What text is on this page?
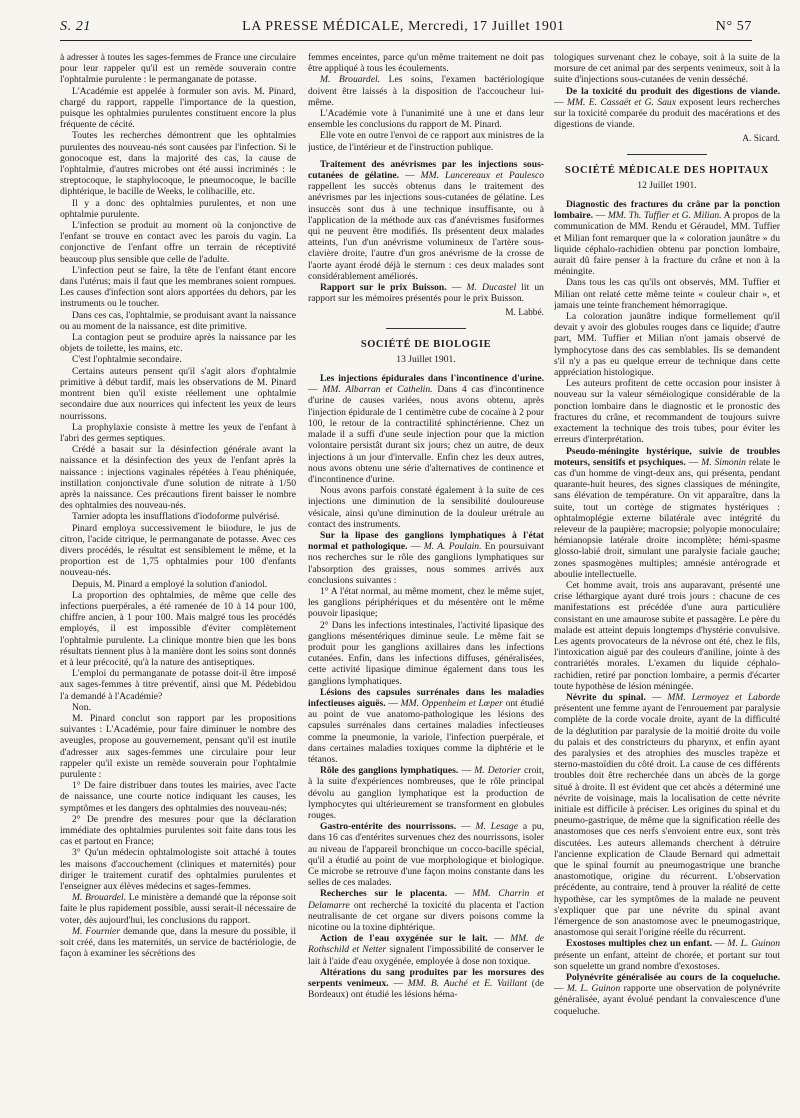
S. 21	LA PRESSE MÉDICALE, Mercredi, 17 Juillet 1901	N° 57

à adresser à toutes les sages-femmes de France une circulaire pour leur rappeler qu'il est un remède souverain contre l'ophtalmie purulente : le permanganate de potasse.

L'Académie est appelée à formuler son avis. M. Pinard, chargé du rapport, rappelle l'importance de la question, puisque les ophtalmies purulentes constituent encore la plus fréquente de cécité.

Toutes les recherches démontrent que les ophtalmies purulentes des nouveau-nés sont causées par l'infection. Si le gonocoque est, dans la majorité des cas, la cause de l'ophtalmie, d'autres microbes ont été aussi incriminés : le streptocoque, le staphylocoque, le pneumocoque, le bacille diphtérique, le bacille de Weeks, le colibacille, etc.

Il y a donc des ophtalmies purulentes, et non une ophtalmie purulente.

L'infection se produit au moment où la conjonctive de l'enfant se trouve en contact avec les parois du vagin. La conjonctive de l'enfant offre un terrain de réceptivité beaucoup plus sensible que celle de l'adulte.

L'infection peut se faire, la tête de l'enfant étant encore dans l'utérus; mais il faut que les membranes soient rompues. Les causes d'infection sont alors apportées du dehors, par les instruments ou le toucher.

Dans ces cas, l'ophtalmie, se produisant avant la naissance ou au moment de la naissance, est dite primitive.

La contagion peut se produire après la naissance par les objets de toilette, les mains, etc.

C'est l'ophtalmie secondaire.

Certains auteurs pensent qu'il s'agit alors d'ophtalmie primitive à début tardif, mais les observations de M. Pinard montrent bien qu'il existe réellement une ophtalmie secondaire due aux nourrices qui infectent les yeux de leurs nourrissons.

La prophylaxie consiste à mettre les yeux de l'enfant à l'abri des germes septiques.

Crédé a basait sur la désinfection générale avant la naissance et la désinfection des yeux de l'enfant après la naissance : injections vaginales répétées à l'eau phéniquée, instillation conjonctivale d'une solution de nitrate à 1/50 après la naissance. Ces précautions firent baisser le nombre des ophtalmies des nouveau-nés.

Tarnier adopta les insufflations d'iodoforme pulvérisé.

Pinard employa successivement le biiodure, le jus de citron, l'acide citrique, le permanganate de potasse. Avec ces divers procédés, le résultat est sensiblement le même, et la proportion est de 1,75 ophtalmies pour 100 d'enfants nouveau-nés.

Depuis, M. Pinard a employé la solution d'aniodol.

La proportion des ophtalmies, de même que celle des infections puerpérales, a été ramenée de 10 à 14 pour 100, chiffre ancien, à 1 pour 100. Mais malgré tous les procédés employés, il est impossible d'éviter complètement l'ophtalmie purulente. La clinique montre bien que les bons résultats tiennent plus à la manière dont les soins sont donnés et à leur précocité, qu'à la nature des antiseptiques.

L'emploi du permanganate de potasse doit-il être imposé aux sages-femmes à titre préventif, ainsi que M. Pédebidou l'a demandé à l'Académie?

Non.

M. Pinard conclut son rapport par les propositions suivantes : L'Académie, pour faire diminuer le nombre des aveugles, propose au gouvernement, pensant qu'il est inutile d'adresser aux sages-femmes une circulaire pour leur rappeler qu'il existe un remède souverain pour l'ophtalmie purulente :

1° De faire distribuer dans toutes les mairies, avec l'acte de naissance, une courte notice indiquant les causes, les symptômes et les dangers des ophtalmies des nouveau-nés;

2° De prendre des mesures pour que la déclaration immédiate des ophtalmies purulentes soit faite dans tous les cas et partout en France;

3° Qu'un médecin ophtalmologiste soit attaché à toutes les maisons d'accouchement (cliniques et maternités) pour diriger le traitement curatif des ophtalmies purulentes et l'enseigner aux élèves médecins et sages-femmes.

M. Brouardel. Le ministère a demandé que la réponse soit faite le plus rapidement possible, aussi serait-il nécessaire de voter, dès aujourd'hui, les conclusions du rapport.

M. Fournier demande que, dans la mesure du possible, il soit créé, dans les maternités, un service de bactériologie, de façon à examiner les sécrétions des

femmes enceintes, parce qu'un même traitement ne doit pas être appliqué à tous les écoulements.

M. Brouardel. Les soins, l'examen bactériologique doivent être laissés à la disposition de l'accoucheur lui-même.

L'Académie vote à l'unanimité une à une et dans leur ensemble les conclusions du rapport de M. Pinard.

Elle vote en outre l'envoi de ce rapport aux ministres de la justice, de l'intérieur et de l'instruction publique.

Traitement des anévrismes par les injections sous-cutanées de gélatine. — MM. Lancereaux et Paulesco rappellent les succès obtenus dans le traitement des anévrismes par les injections sous-cutanées de gélatine. Les insuccès sont dus à une technique insuffisante, ou à l'application de la méthode aux cas d'anévrismes fusiformes qui ne peuvent être modifiés. Ils présentent deux malades atteints, l'un d'un anévrisme volumineux de l'artère sous-clavière droite, l'autre d'un gros anévrisme de la crosse de l'aorte ayant érodé déjà le sternum : ces deux malades sont considérablement améliorés.

Rapport sur le prix Buisson. — M. Ducastel lit un rapport sur les mémoires présentés pour le prix Buisson.

M. Labbé.
SOCIÉTÉ DE BIOLOGIE
13 Juillet 1901.

Les injections épidurales dans l'incontinence d'urine. — MM. Albarran et Cathelin. Dans 4 cas d'incontinence d'urine de causes variées, nous avons obtenu, après l'injection épidurale de 1 centimètre cube de cocaïne à 2 pour 100, le retour de la contractilité sphinctérienne. Chez un malade il a suffi d'une seule injection pour que la miction volontaire persistât durant six jours; chez un autre, de deux injections à un jour d'intervalle. Enfin chez les deux autres, nous avons obtenu une série d'alternatives de continence et d'incontinence d'urine.

Nous avons parfois constaté également à la suite de ces injections une diminution de la sensibilité douloureuse vésicale, ainsi qu'une diminution de la douleur urétrale au contact des instruments.

Sur la lipase des ganglions lymphatiques à l'état normal et pathologique. — M. A. Poulain. En poursuivant nos recherches sur le rôle des ganglions lymphatiques sur l'absorption des graisses, nous sommes arrivés aux conclusions suivantes :

1° A l'état normal, au même moment, chez le même sujet, les ganglions périphériques et du mésentère ont le même pouvoir lipasique;

2° Dans les infections intestinales, l'activité lipasique des ganglions mésentériques diminue seule. Le même fait se produit pour les ganglions axillaires dans les infections cutanées. Enfin, dans les infections diffuses, généralisées, cette activité lipasique diminue également dans tous les ganglions lymphatiques.

Lésions des capsules surrénales dans les maladies infectieuses aiguës. — MM. Oppenheim et Lœper ont étudié au point de vue anatomo-pathologique les lésions des capsules surrénales dans certaines maladies infectieuses comme la pneumonie, la variole, l'infection puerpérale, et dans certaines maladies toxiques comme la diphtérie et le tétanos.

Rôle des ganglions lymphatiques. — M. Detorier croit, à la suite d'expériences nombreuses, que le rôle principal dévolu au ganglion lymphatique est la production de lymphocytes qui ultérieurement se transforment en globules rouges.

Gastro-entérite des nourrissons. — M. Lesage a pu, dans 16 cas d'entérites survenues chez des nourrissons, isoler au niveau de l'appareil bronchique un cocco-bacille spécial, qu'il a étudié au point de vue morphologique et biologique. Ce microbe se retrouve d'une façon moins constante dans les selles de ces malades.

Recherches sur le placenta. — MM. Charrin et Delamarre ont recherché la toxicité du placenta et l'action neutralisante de cet organe sur divers poisons comme la nicotine ou la toxine diphtérique.

Action de l'eau oxygénée sur le lait. — MM. de Rothschild et Netter signalent l'impossibilité de conserver le lait à l'aide d'eau oxygénée, employée à dose non toxique.

Altérations du sang produites par les morsures des serpents venimeux. — MM. B. Auché et E. Vaillant (de Bordeaux) ont étudié les lésions héma-

tologiques survenant chez le cobaye, soit à la suite de la morsure de cet animal par des serpents venimeux, soit à la suite d'injections sous-cutanées de venin desséché.

De la toxicité du produit des digestions de viande. — MM. E. Cassaët et G. Saux exposent leurs recherches sur la toxicité comparée du produit des macérations et des digestions de viande.

A. Sicard.
SOCIÉTÉ MÉDICALE DES HOPITAUX
12 Juillet 1901.

Diagnostic des fractures du crâne par la ponction lombaire. — MM. Th. Tuffier et G. Milian. A propos de la communication de MM. Rendu et Géraudel, MM. Tuffier et Milian font remarquer que la « coloration jaunâtre » du liquide céphalo-rachidien obtenu par ponction lombaire, aurait dû faire penser à la fracture du crâne et non à la méningite.

Dans tous les cas qu'ils ont observés, MM. Tuffier et Milian ont relaté cette même teinte « couleur chair », et jamais une teinte franchement hémorragique.

La coloration jaunâtre indique formellement qu'il devait y avoir des globules rouges dans ce liquide; d'autre part, MM. Tuffier et Milian n'ont jamais observé de lymphocytose dans des cas semblables. Ils se demandent s'il n'y a pas eu quelque erreur de technique dans cette appréciation histologique.

Les auteurs profitent de cette occasion pour insister à nouveau sur la valeur séméiologique considérable de la ponction lombaire dans le diagnostic et le pronostic des fractures du crâne, et recommandent de toujours suivre exactement la technique des trois tubes, pour éviter les erreurs d'interprétation.

Pseudo-méningite hystérique, suivie de troubles moteurs, sensitifs et psychiques. — M. Simonin relate le cas d'un homme de vingt-deux ans, qui présenta, pendant quarante-huit heures, des signes classiques de méningite, sans élévation de température. On vit apparaître, dans la suite, tout un cortège de stigmates hystériques : ophtalmoplégie externe bilatérale avec intégrité du releveur de la paupière; macropsie; polyopie monoculaire; hémianopsie latérale droite incomplète; hémi-spasme glosso-labié droit, simulant une paralysie faciale gauche; zones spasmogènes multiples; amnésie antérograde et aboulie intellectuelle.

Cet homme avait, trois ans auparavant, présenté une crise léthargique ayant duré trois jours : chacune de ces manifestations est précédée d'une aura particulière consistant en une amaurose subite et passagère. Le père du malade est atteint depuis longtemps d'hystérie convulsive. Les agents provocateurs de la névrose ont été, chez le fils, l'intoxication aiguë par des couleurs d'aniline, jointe à des contrariétés morales. L'examen du liquide céphalo-rachidien, retiré par ponction lombaire, a permis d'écarter toute hypothèse de lésion méningée.

Névrite du spinal. — MM. Lermoyez et Laborde présentent une femme ayant de l'enrouement par paralysie complète de la corde vocale droite, ayant de la difficulté de la déglutition par paralysie de la moitié droite du voile du palais et des constricteurs du pharynx, et enfin ayant des paralysies et des atrophies des muscles trapèze et sterno-mastoïdien du côté droit. La cause de ces différents troubles doit être recherchée dans un abcès de la gorge situé à droite. Il est évident que cet abcès a déterminé une névrite de voisinage, mais la localisation de cette névrite initiale est difficile à préciser. Les origines du spinal et du pneumo-gastrique, de même que la signification réelle des anastomoses que ces nerfs s'envoient entre eux, sont très discutées. Les auteurs allemands cherchent à détruire l'ancienne explication de Claude Bernard qui admettait que le spinal fournit au pneumogastrique une branche anastomotique, origine du récurrent. L'observation précédente, au contraire, tend à prouver la réalité de cette hypothèse, car les symptômes de la malade ne peuvent s'expliquer que par une névrite du spinal avant l'émergence de son anastomose avec le pneumogastrique, anastomose qui serait l'origine réelle du récurrent.

Exostoses multiples chez un enfant. — M. L. Guinon présente un enfant, atteint de chorée, et portant sur tout son squelette un grand nombre d'exostoses.

Polynévrite généralisée au cours de la coqueluche. — M. L. Guinon rapporte une observation de polynévrite généralisée, ayant évolué pendant la convalescence d'une coqueluche.
